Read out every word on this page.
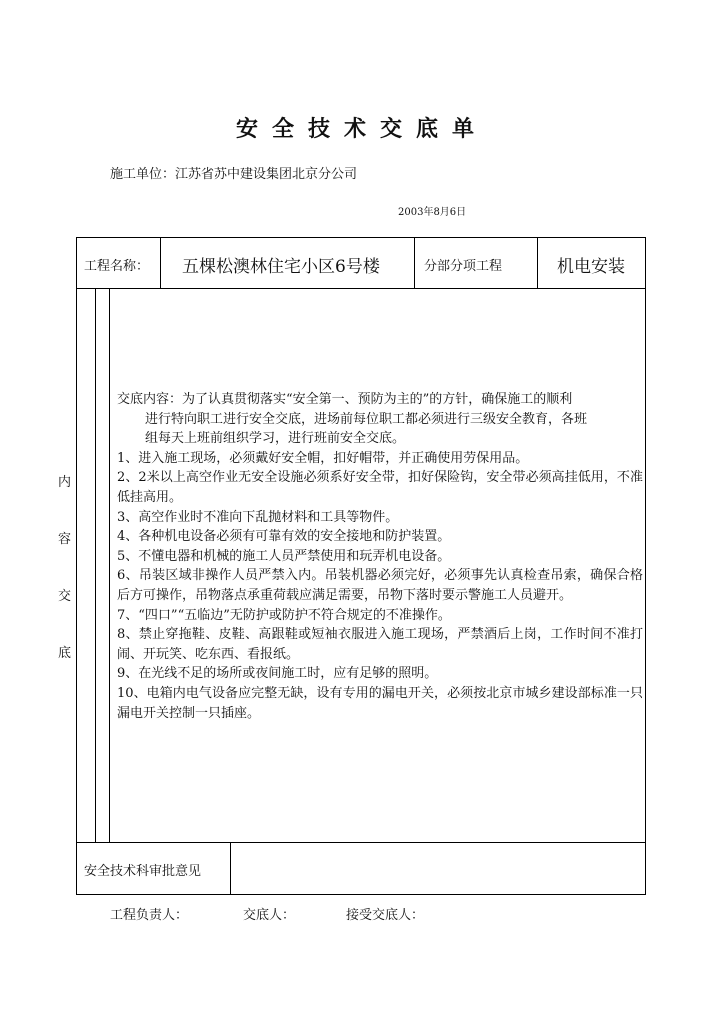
安全技术交底单
施工单位：江苏省苏中建设集团北京分公司
2003年8月6日
工程名称： 五棵松澳林住宅小区6号楼	分部分项工程	机电安装
内
容
交
底

交底内容：为了认真贯彻落实“安全第一、预防为主的”的方针，确保施工的顺利

进行特向职工进行安全交底，进场前每位职工都必须进行三级安全教育，各班

组每天上班前组织学习，进行班前安全交底。

1、进入施工现场，必须戴好安全帽，扣好帽带，并正确使用劳保用品。

2、2米以上高空作业无安全设施必须系好安全带，扣好保险钩，安全带必须高挂低用，不准低挂高用。

3、高空作业时不准向下乱抛材料和工具等物件。

4、各种机电设备必须有可靠有效的安全接地和防护装置。

5、不懂电器和机械的施工人员严禁使用和玩弄机电设备。

6、吊装区域非操作人员严禁入内。吊装机器必须完好，必须事先认真检查吊索，确保合格后方可操作，吊物落点承重荷载应满足需要，吊物下落时要示警施工人员避开。

7、“四口”“五临边”无防护或防护不符合规定的不准操作。

8、禁止穿拖鞋、皮鞋、高跟鞋或短袖衣服进入施工现场，严禁酒后上岗，工作时间不准打闹、开玩笑、吃东西、看报纸。

9、在光线不足的场所或夜间施工时，应有足够的照明。

10、电箱内电气设备应完整无缺，设有专用的漏电开关，必须按北京市城乡建设部标准一只漏电开关控制一只插座。

安全技术科审批意见
工程负责人：	交底人：	接受交底人：
